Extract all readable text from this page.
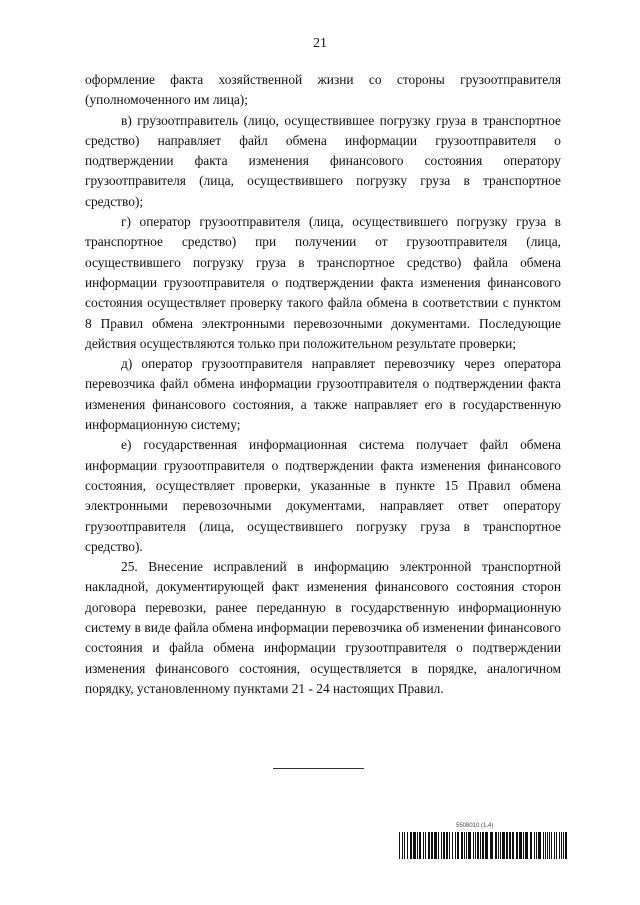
21

оформление факта хозяйственной жизни со стороны грузоотправителя (уполномоченного им лица);

в) грузоотправитель (лицо, осуществившее погрузку груза в транспортное средство) направляет файл обмена информации грузоотправителя о подтверждении факта изменения финансового состояния оператору грузоотправителя (лица, осуществившего погрузку груза в транспортное средство);

г) оператор грузоотправителя (лица, осуществившего погрузку груза в транспортное средство) при получении от грузоотправителя (лица, осуществившего погрузку груза в транспортное средство) файла обмена информации грузоотправителя о подтверждении факта изменения финансового состояния осуществляет проверку такого файла обмена в соответствии с пунктом 8 Правил обмена электронными перевозочными документами. Последующие действия осуществляются только при положительном результате проверки;

д) оператор грузоотправителя направляет перевозчику через оператора перевозчика файл обмена информации грузоотправителя о подтверждении факта изменения финансового состояния, а также направляет его в государственную информационную систему;

е) государственная информационная система получает файл обмена информации грузоотправителя о подтверждении факта изменения финансового состояния, осуществляет проверки, указанные в пункте 15 Правил обмена электронными перевозочными документами, направляет ответ оператору грузоотправителя (лица, осуществившего погрузку груза в транспортное средство).

25. Внесение исправлений в информацию электронной транспортной накладной, документирующей факт изменения финансового состояния сторон договора перевозки, ранее переданную в государственную информационную систему в виде файла обмена информации перевозчика об изменении финансового состояния и файла обмена информации грузоотправителя о подтверждении изменения финансового состояния, осуществляется в порядке, аналогичном порядку, установленному пунктами 21 - 24 настоящих Правил.

5508010 (1.4)
